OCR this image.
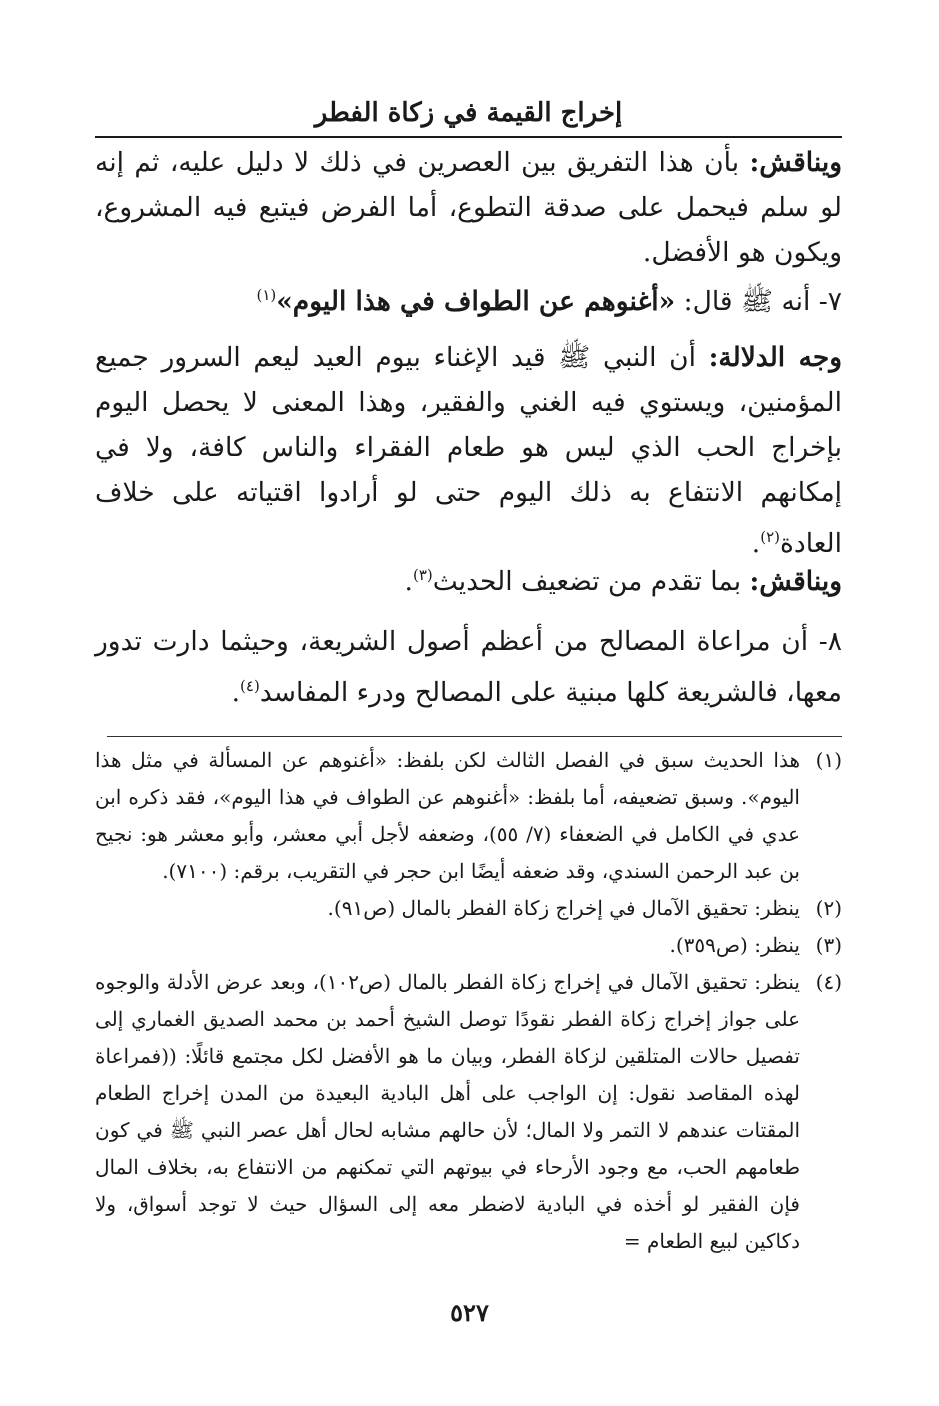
إخراج القيمة في زكاة الفطر

ويناقش: بأن هذا التفريق بين العصرين في ذلك لا دليل عليه، ثم إنه لو سلم فيحمل على صدقة التطوع، أما الفرض فيتبع فيه المشروع، ويكون هو الأفضل.

٧- أنه ﷺ قال: «أغنوهم عن الطواف في هذا اليوم»$^{(١)}$

وجه الدلالة: أن النبي ﷺ قيد الإغناء بيوم العيد ليعم السرور جميع المؤمنين، ويستوي فيه الغني والفقير، وهذا المعنى لا يحصل اليوم بإخراج الحب الذي ليس هو طعام الفقراء والناس كافة، ولا في إمكانهم الانتفاع به ذلك اليوم حتى لو أرادوا اقتياته على خلاف العادة$^{(٢)}$.

ويناقش: بما تقدم من تضعيف الحديث$^{(٣)}$.

٨- أن مراعاة المصالح من أعظم أصول الشريعة، وحيثما دارت تدور معها، فالشريعة كلها مبنية على المصالح ودرء المفاسد$^{(٤)}$.

(١)
هذا الحديث سبق في الفصل الثالث لكن بلفظ: «أغنوهم عن المسألة في مثل هذا اليوم». وسبق تضعيفه، أما بلفظ: «أغنوهم عن الطواف في هذا اليوم»، فقد ذكره ابن عدي في الكامل في الضعفاء (٧/ ٥٥)، وضعفه لأجل أبي معشر، وأبو معشر هو: نجيح بن عبد الرحمن السندي، وقد ضعفه أيضًا ابن حجر في التقريب، برقم: (٧١٠٠).
(٢)
ينظر: تحقيق الآمال في إخراج زكاة الفطر بالمال (ص٩١).
(٣)
ينظر: (ص٣٥٩).
(٤)
ينظر: تحقيق الآمال في إخراج زكاة الفطر بالمال (ص١٠٢)، وبعد عرض الأدلة والوجوه على جواز إخراج زكاة الفطر نقودًا توصل الشيخ أحمد بن محمد الصديق الغماري إلى تفصيل حالات المتلقين لزكاة الفطر، وبيان ما هو الأفضل لكل مجتمع قائلًا: ((فمراعاة لهذه المقاصد نقول: إن الواجب على أهل البادية البعيدة من المدن إخراج الطعام المقتات عندهم لا التمر ولا المال؛ لأن حالهم مشابه لحال أهل عصر النبي ﷺ في كون طعامهم الحب، مع وجود الأرحاء في بيوتهم التي تمكنهم من الانتفاع به، بخلاف المال فإن الفقير لو أخذه في البادية لاضطر معه إلى السؤال حيث لا توجد أسواق، ولا دكاكين لبيع الطعام =
٥٢٧
